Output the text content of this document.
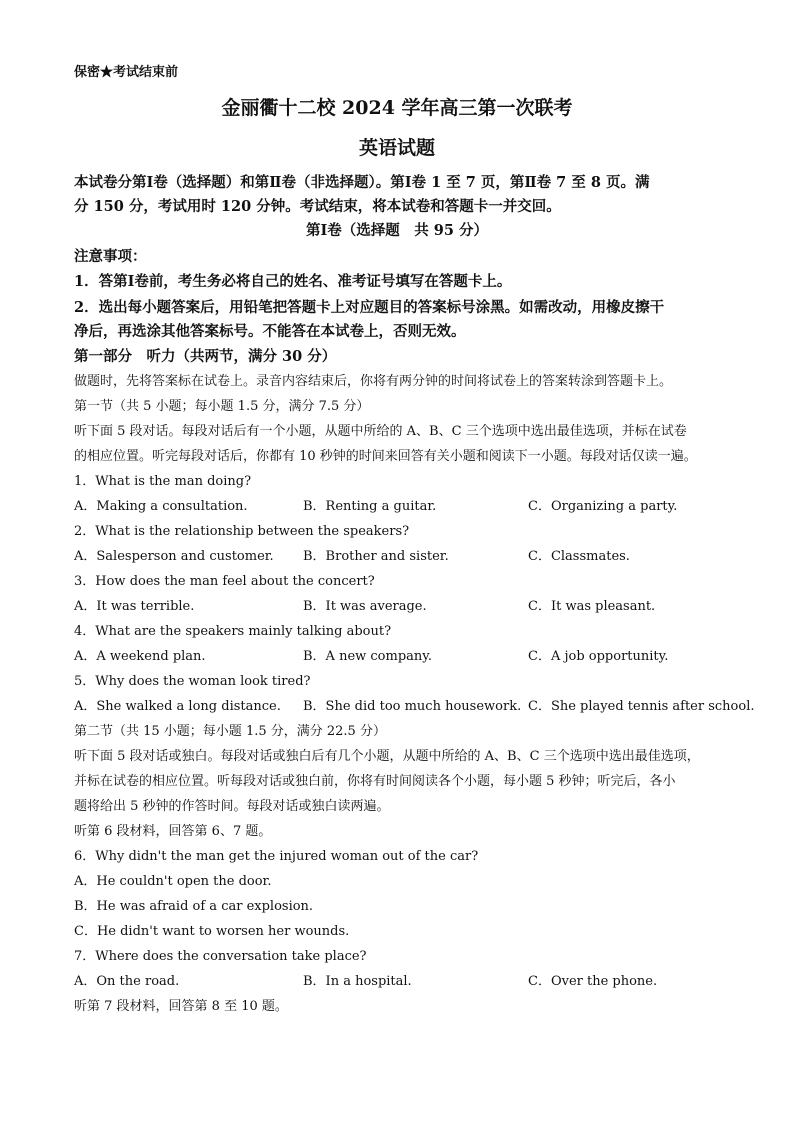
保密★考试结束前
金丽衢十二校 2024 学年高三第一次联考
英语试题
本试卷分第Ⅰ卷（选择题）和第Ⅱ卷（非选择题）。第Ⅰ卷 1 至 7 页，第Ⅱ卷 7 至 8 页。满
分 150 分，考试用时 120 分钟。考试结束，将本试卷和答题卡一并交回。
第Ⅰ卷（选择题　共 95 分）
注意事项：
1．答第Ⅰ卷前，考生务必将自己的姓名、准考证号填写在答题卡上。
2．选出每小题答案后，用铅笔把答题卡上对应题目的答案标号涂黑。如需改动，用橡皮擦干
净后，再选涂其他答案标号。不能答在本试卷上，否则无效。
第一部分　听力（共两节，满分 30 分）
做题时，先将答案标在试卷上。录音内容结束后，你将有两分钟的时间将试卷上的答案转涂到答题卡上。
第一节（共 5 小题；每小题 1.5 分，满分 7.5 分）
听下面 5 段对话。每段对话后有一个小题，从题中所给的 A、B、C 三个选项中选出最佳选项，并标在试卷
的相应位置。听完每段对话后，你都有 10 秒钟的时间来回答有关小题和阅读下一小题。每段对话仅读一遍。
1．What is the man doing?
A．Making a consultation.	B．Renting a guitar.	C．Organizing a party.
2．What is the relationship between the speakers?
A．Salesperson and customer. B．Brother and sister.	C．Classmates.
3．How does the man feel about the concert?
A．It was terrible.	B．It was average.	C．It was pleasant.
4．What are the speakers mainly talking about?
A．A weekend plan.	B．A new company.	C．A job opportunity.
5．Why does the woman look tired?
A．She walked a long distance. B．She did too much housework. C．She played tennis after school.
第二节（共 15 小题；每小题 1.5 分，满分 22.5 分）
听下面 5 段对话或独白。每段对话或独白后有几个小题，从题中所给的 A、B、C 三个选项中选出最佳选项，
并标在试卷的相应位置。听每段对话或独白前，你将有时间阅读各个小题，每小题 5 秒钟；听完后，各小
题将给出 5 秒钟的作答时间。每段对话或独白读两遍。
听第 6 段材料，回答第 6、7 题。
6．Why didn't the man get the injured woman out of the car?
A．He couldn't open the door.
B．He was afraid of a car explosion.
C．He didn't want to worsen her wounds.
7．Where does the conversation take place?
A．On the road.	B．In a hospital.	C．Over the phone.
听第 7 段材料，回答第 8 至 10 题。
